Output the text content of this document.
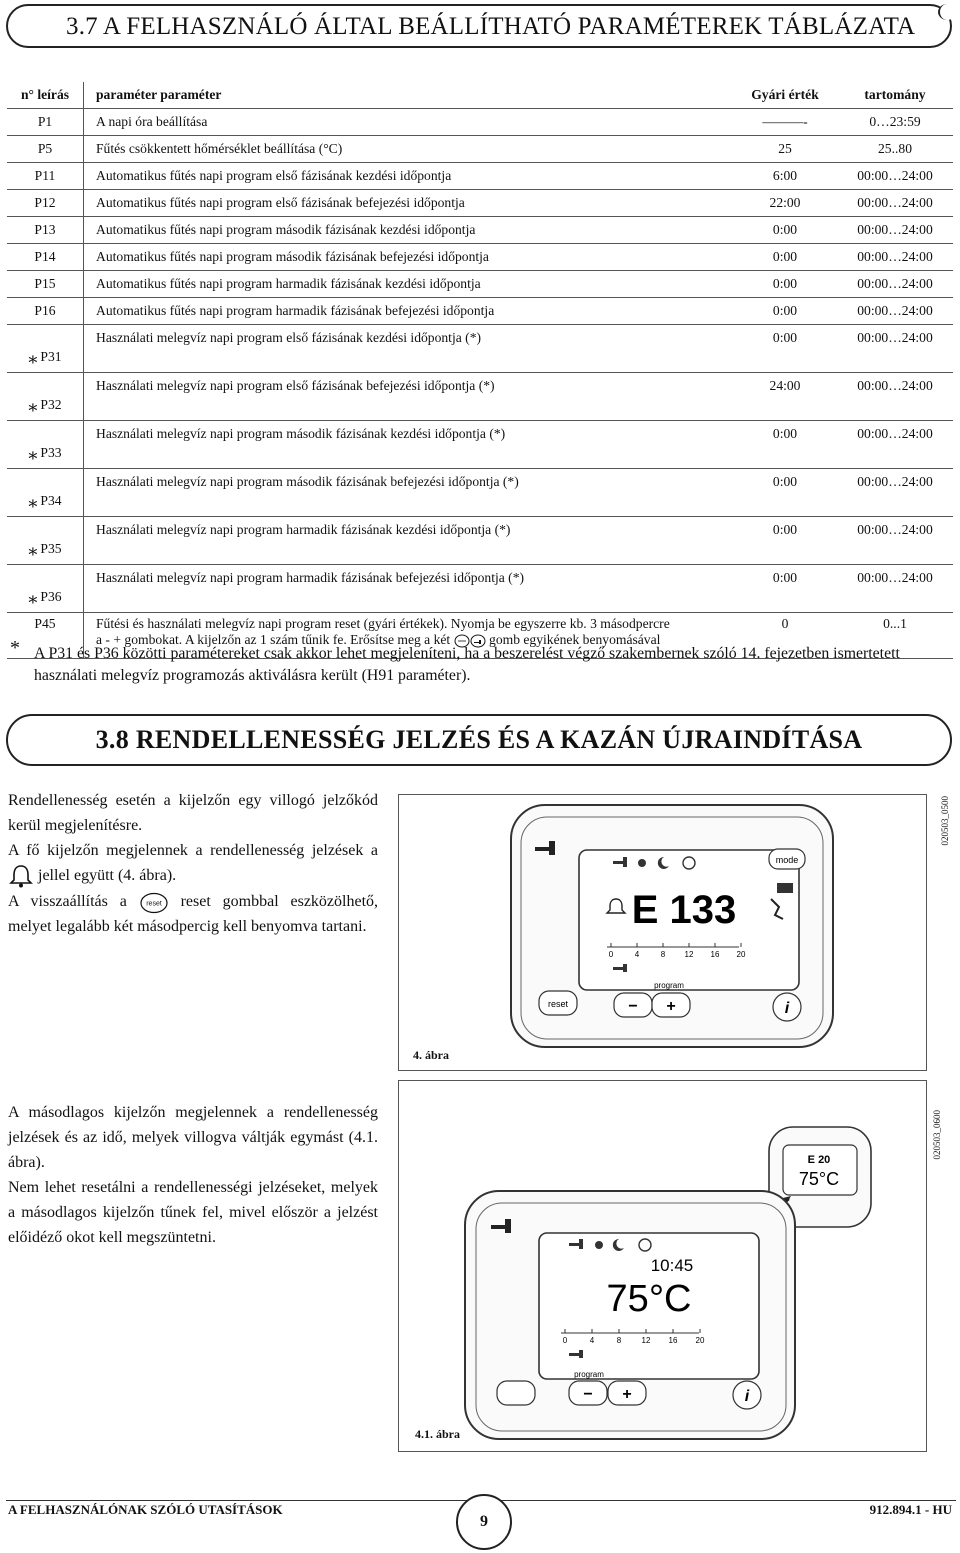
3.7 A FELHASZNÁLÓ ÁLTAL BEÁLLÍTHATÓ PARAMÉTEREK TÁBLÁZATA
n° leírás	paraméter paraméter	Gyári érték	tartomány
P1	A napi óra beállítása	———-	0…23:59
P5	Fűtés csökkentett hőmérséklet beállítása (°C)	25	25..80
P11	Automatikus fűtés napi program első fázisának kezdési időpontja	6:00	00:00…24:00
P12	Automatikus fűtés napi program első fázisának befejezési időpontja	22:00	00:00…24:00
P13	Automatikus fűtés napi program második fázisának kezdési időpontja	0:00	00:00…24:00
P14	Automatikus fűtés napi program második fázisának befejezési időpontja	0:00	00:00…24:00
P15	Automatikus fűtés napi program harmadik fázisának kezdési időpontja	0:00	00:00…24:00
P16	Automatikus fűtés napi program harmadik fázisának befejezési időpontja	0:00	00:00…24:00
⁎ P31	Használati melegvíz napi program első fázisának kezdési időpontja (*)	0:00	00:00…24:00
⁎ P32	Használati melegvíz napi program első fázisának befejezési időpontja (*)	24:00	00:00…24:00
⁎ P33	Használati melegvíz napi program második fázisának kezdési időpontja (*)	0:00	00:00…24:00
⁎ P34	Használati melegvíz napi program második fázisának befejezési időpontja (*)	0:00	00:00…24:00
⁎ P35	Használati melegvíz napi program harmadik fázisának kezdési időpontja (*)	0:00	00:00…24:00
⁎ P36	Használati melegvíz napi program harmadik fázisának befejezési időpontja (*)	0:00	00:00…24:00
P45	Fűtési és használati melegvíz napi program reset (gyári értékek). Nyomja be egyszerre kb. 3 másodpercre
a - + gombokat. A kijelzőn az 1 szám tűnik fe. Erősítse meg a két gomb egyikének benyomásával	0	0...1
* A P31 és P36 közötti paramétereket csak akkor lehet megjeleníteni, ha a beszerelést végző szakembernek szóló 14. fejezetben ismertetett használati melegvíz programozás aktiválásra került (H91 paraméter).
3.8 RENDELLENESSÉG JELZÉS ÉS A KAZÁN ÚJRAINDÍTÁSA
Rendellenesség esetén a kijelzőn egy villogó jelzőkód kerül megjelenítésre.
A fő kijelzőn megjelennek a rendellenesség jelzések a  jellel együtt (4. ábra).
A visszaállítás a	reset reset gombbal eszközölhető, melyet legalább két másodpercig kell benyomva tartani.
mode
E 133
0	4	8 12 16 20
program
reset	− +	i
4. ábra
020503_0500
A másodlagos kijelzőn megjelennek a rendellenesség jelzések és az idő, melyek villogva váltják egymást (4.1. ábra).
Nem lehet resetálni a rendellenességi jelzéseket, melyek a másodlagos kijelzőn tűnek fel, mivel először a jelzést előidéző okot kell megszüntetni.
E 20
75°C
10:45
75°C
0	4	8	12 16 20
program
− +	i
4.1. ábra
020503_0600
A FELHASZNÁLÓNAK SZÓLÓ UTASÍTÁSOK
9
912.894.1 - HU
